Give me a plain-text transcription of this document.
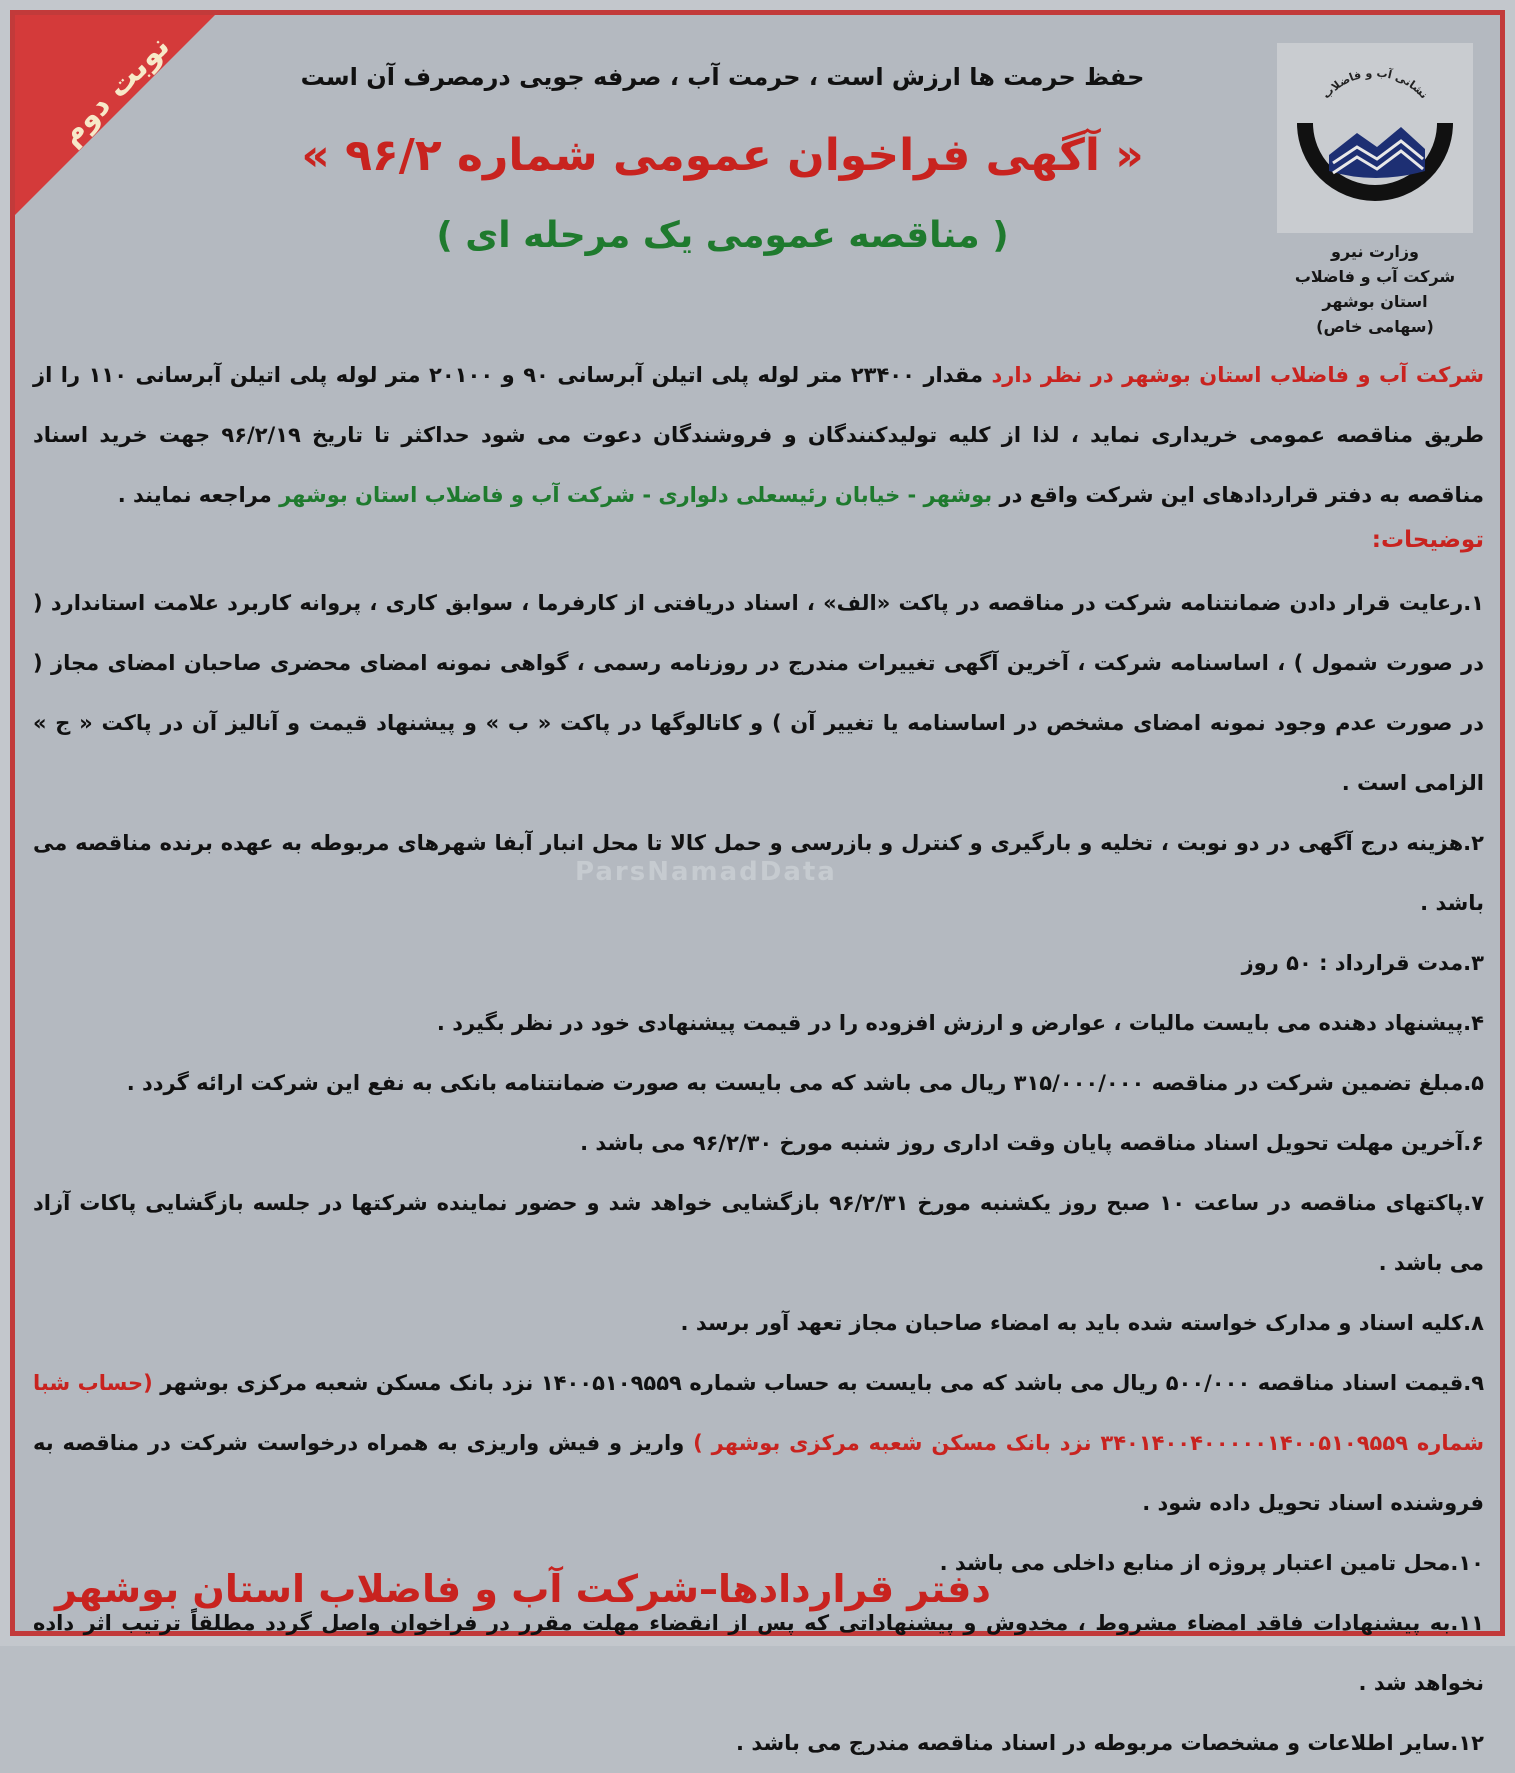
نوبت دوم	نشانی آب و فاضلاب
وزارت نیرو
شرکت آب و فاضلاب استان بوشهر
(سهامی خاص)
حفظ حرمت ها ارزش است ، حرمت آب ، صرفه جویی درمصرف آن است
« آگهی فراخوان عمومی شماره ۹۶/۲ »
( مناقصه عمومی یک مرحله ای )
شرکت آب و فاضلاب استان بوشهر در نظر دارد مقدار ۲۳۴۰۰ متر لوله پلی اتیلن آبرسانی ۹۰ و ۲۰۱۰۰ متر لوله پلی اتیلن آبرسانی ۱۱۰ را از طریق مناقصه عمومی خریداری نماید ، لذا از کلیه تولیدکنندگان و فروشندگان دعوت می شود حداکثر تا تاریخ ۹۶/۲/۱۹ جهت خرید اسناد مناقصه به دفتر قراردادهای این شرکت واقع در بوشهر - خیابان رئیسعلی دلواری - شرکت آب و فاضلاب استان بوشهر مراجعه نمایند .
توضیحات:

۱.رعایت قرار دادن ضمانتنامه شرکت در مناقصه در پاکت «الف» ، اسناد دریافتی از کارفرما ، سوابق کاری ، پروانه کاربرد علامت استاندارد ( در صورت شمول ) ، اساسنامه شرکت ، آخرین آگهی تغییرات مندرج در روزنامه رسمی ، گواهی نمونه امضای محضری صاحبان امضای مجاز ( در صورت عدم وجود نمونه امضای مشخص در اساسنامه یا تغییر آن ) و کاتالوگها در پاکت « ب » و پیشنهاد قیمت و آنالیز آن در پاکت « ج » الزامی است .

۲.هزینه درج آگهی در دو نوبت ، تخلیه و بارگیری و کنترل و بازرسی و حمل کالا تا محل انبار آبفا شهرهای مربوطه به عهده برنده مناقصه می باشد .

۳.مدت قرارداد : ۵۰ روز

۴.پیشنهاد دهنده می بایست مالیات ، عوارض و ارزش افزوده را در قیمت پیشنهادی خود در نظر بگیرد .

۵.مبلغ تضمین شرکت در مناقصه ۳۱۵/۰۰۰/۰۰۰ ریال می باشد که می بایست به صورت ضمانتنامه بانکی به نفع این شرکت ارائه گردد .

۶.آخرین مهلت تحویل اسناد مناقصه پایان وقت اداری روز شنبه مورخ ۹۶/۲/۳۰ می باشد .

۷.پاکتهای مناقصه در ساعت ۱۰ صبح روز یکشنبه مورخ ۹۶/۲/۳۱ بازگشایی خواهد شد و حضور نماینده شرکتها در جلسه بازگشایی پاکات آزاد می باشد .

۸.کلیه اسناد و مدارک خواسته شده باید به امضاء صاحبان مجاز تعهد آور برسد .

۹.قیمت اسناد مناقصه ۵۰۰/۰۰۰ ریال می باشد که می بایست به حساب شماره ۱۴۰۰۵۱۰۹۵۵۹ نزد بانک مسکن شعبه مرکزی بوشهر (حساب شبا شماره ۳۴۰۱۴۰۰۴۰۰۰۰۰۱۴۰۰۵۱۰۹۵۵۹ نزد بانک مسکن شعبه مرکزی بوشهر ) واریز و فیش واریزی به همراه درخواست شرکت در مناقصه به فروشنده اسناد تحویل داده شود .

۱۰.محل تامین اعتبار پروژه از منابع داخلی می باشد .

۱۱.به پیشنهادات فاقد امضاء مشروط ، مخدوش و پیشنهاداتی که پس از انقضاء مهلت مقرر در فراخوان واصل گردد مطلقاً ترتیب اثر داده نخواهد شد .

۱۲.سایر اطلاعات و مشخصات مربوطه در اسناد مناقصه مندرج می باشد .

ParsNamadData
دفتر قراردادها–شرکت آب و فاضلاب استان بوشهر
